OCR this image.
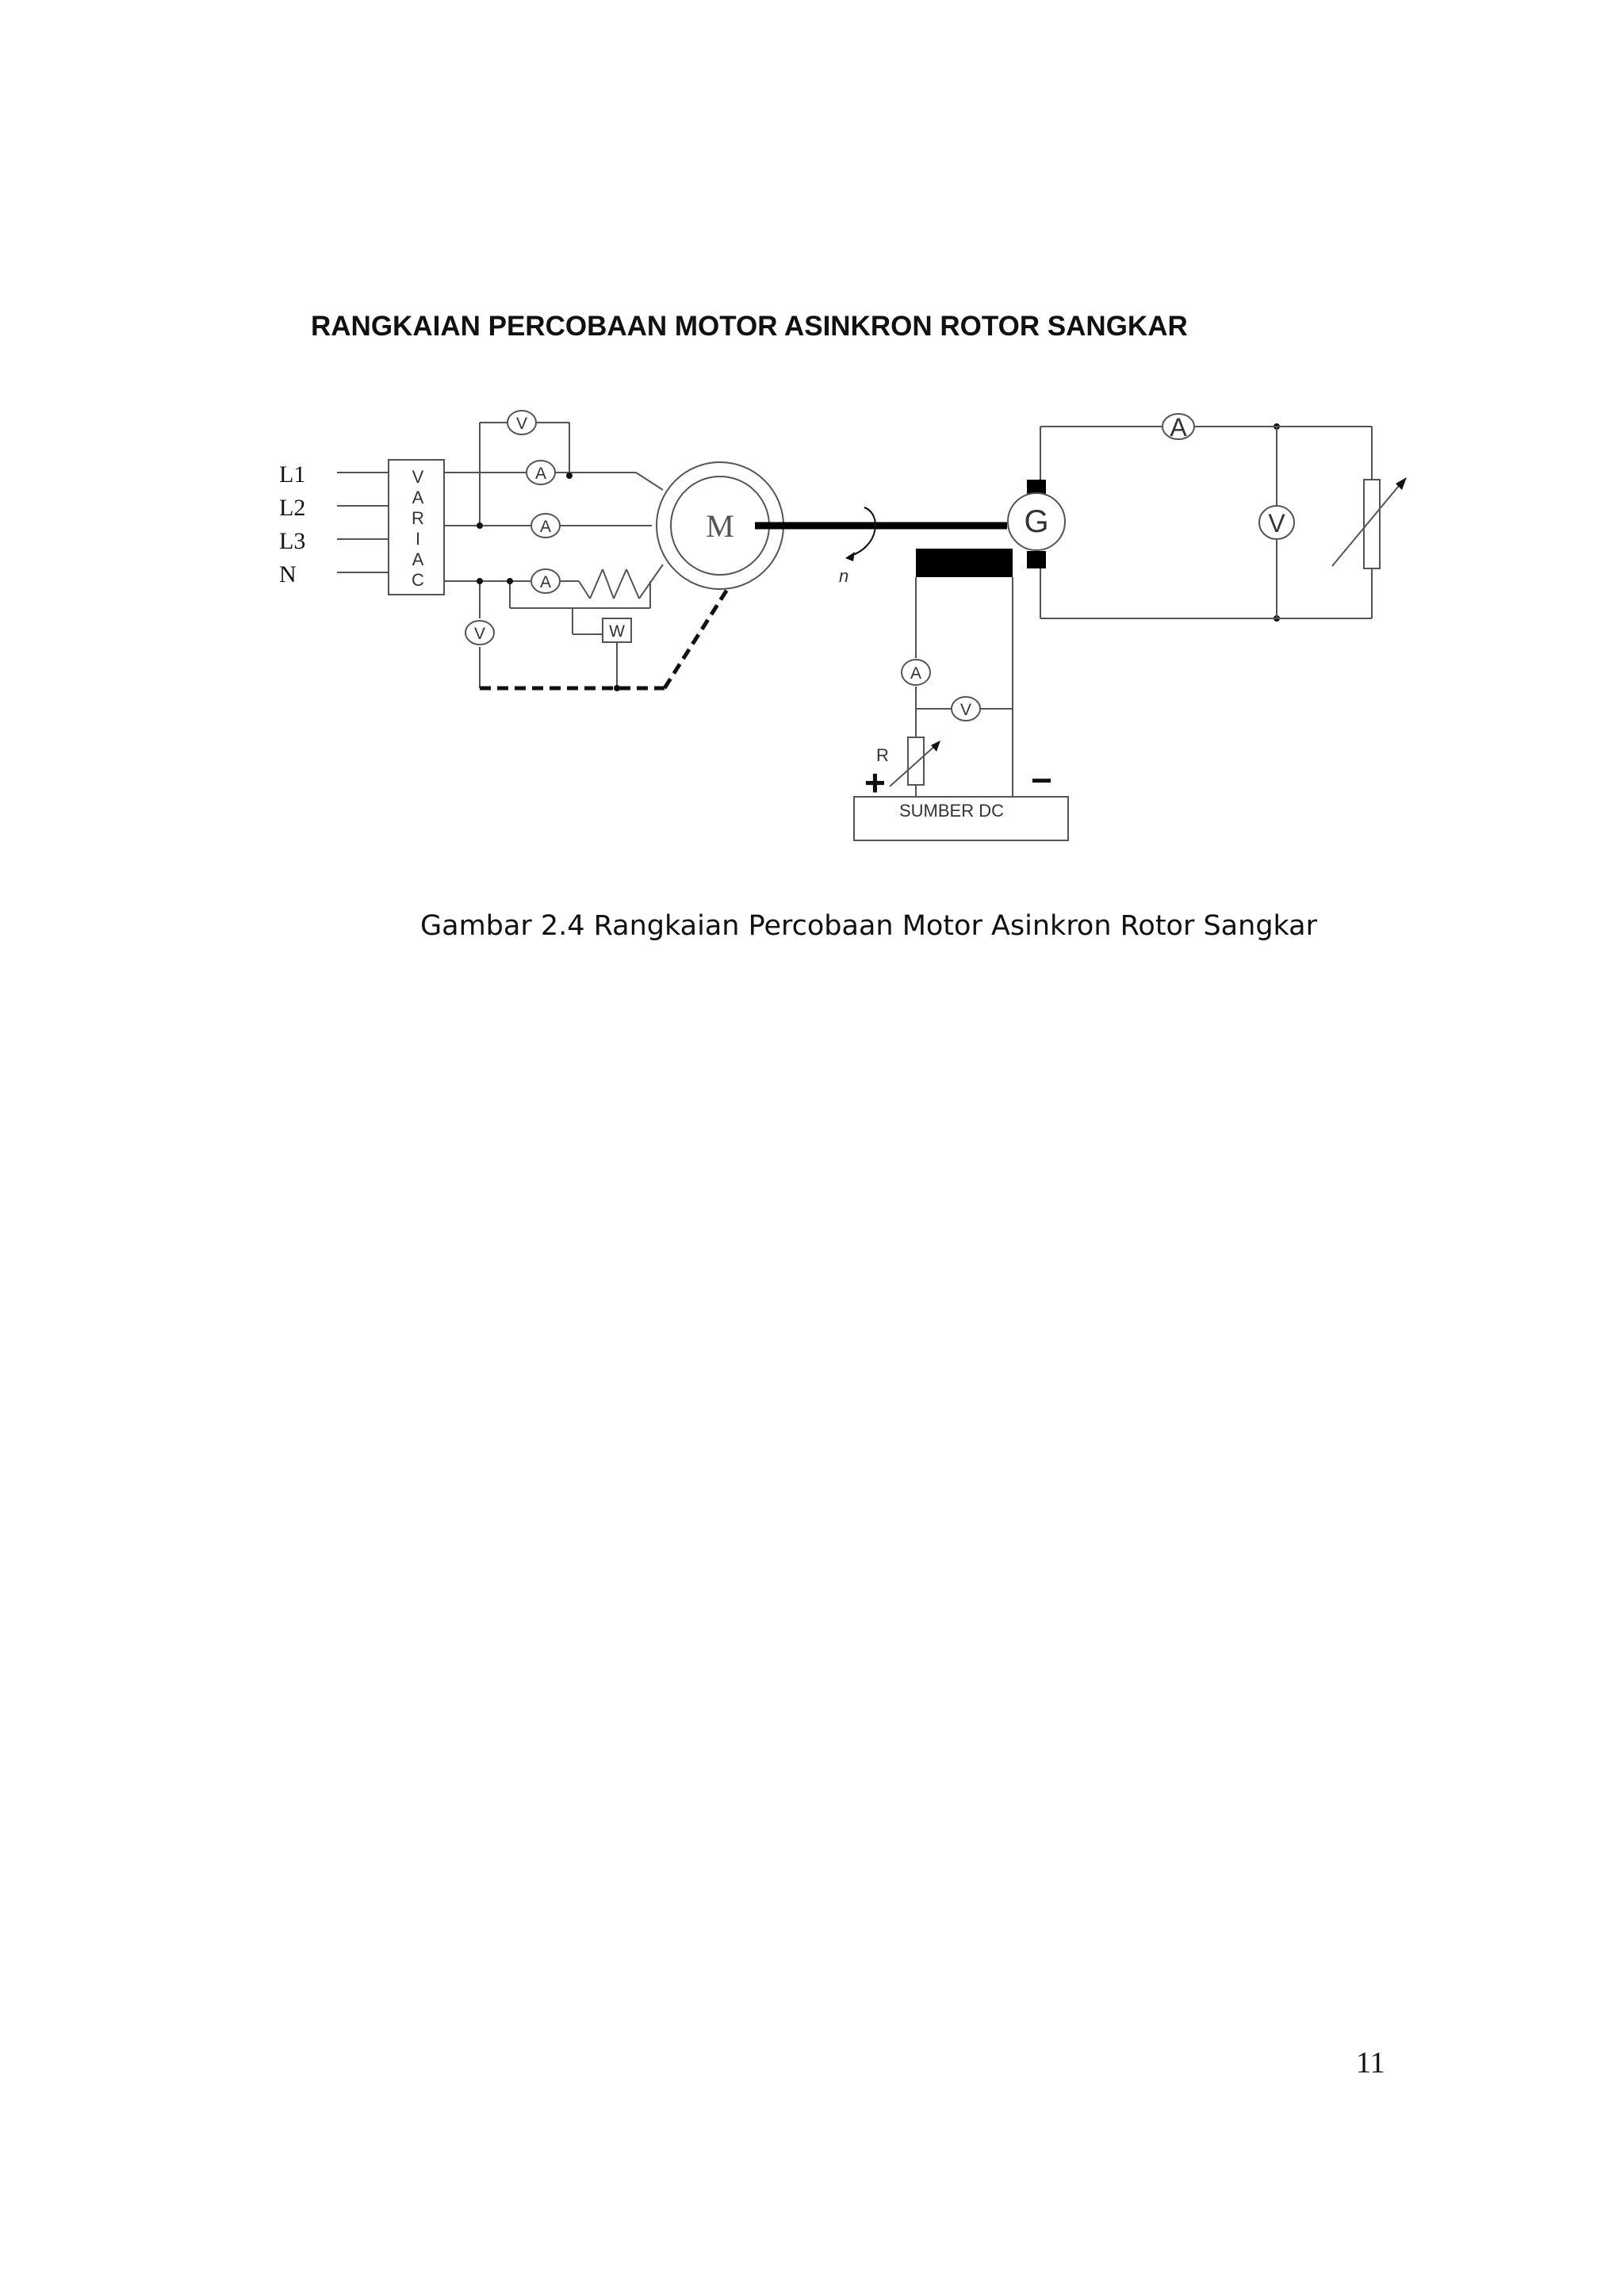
RANGKAIAN PERCOBAAN MOTOR ASINKRON ROTOR SANGKAR
L1
L2
L3
N
V
A
R
I
A
C
V
A
A
A
V	W
A
V
A
V
M	G
n
R
+	−
SUMBER DC
Gambar 2.4 Rangkaian Percobaan Motor Asinkron Rotor Sangkar
11
